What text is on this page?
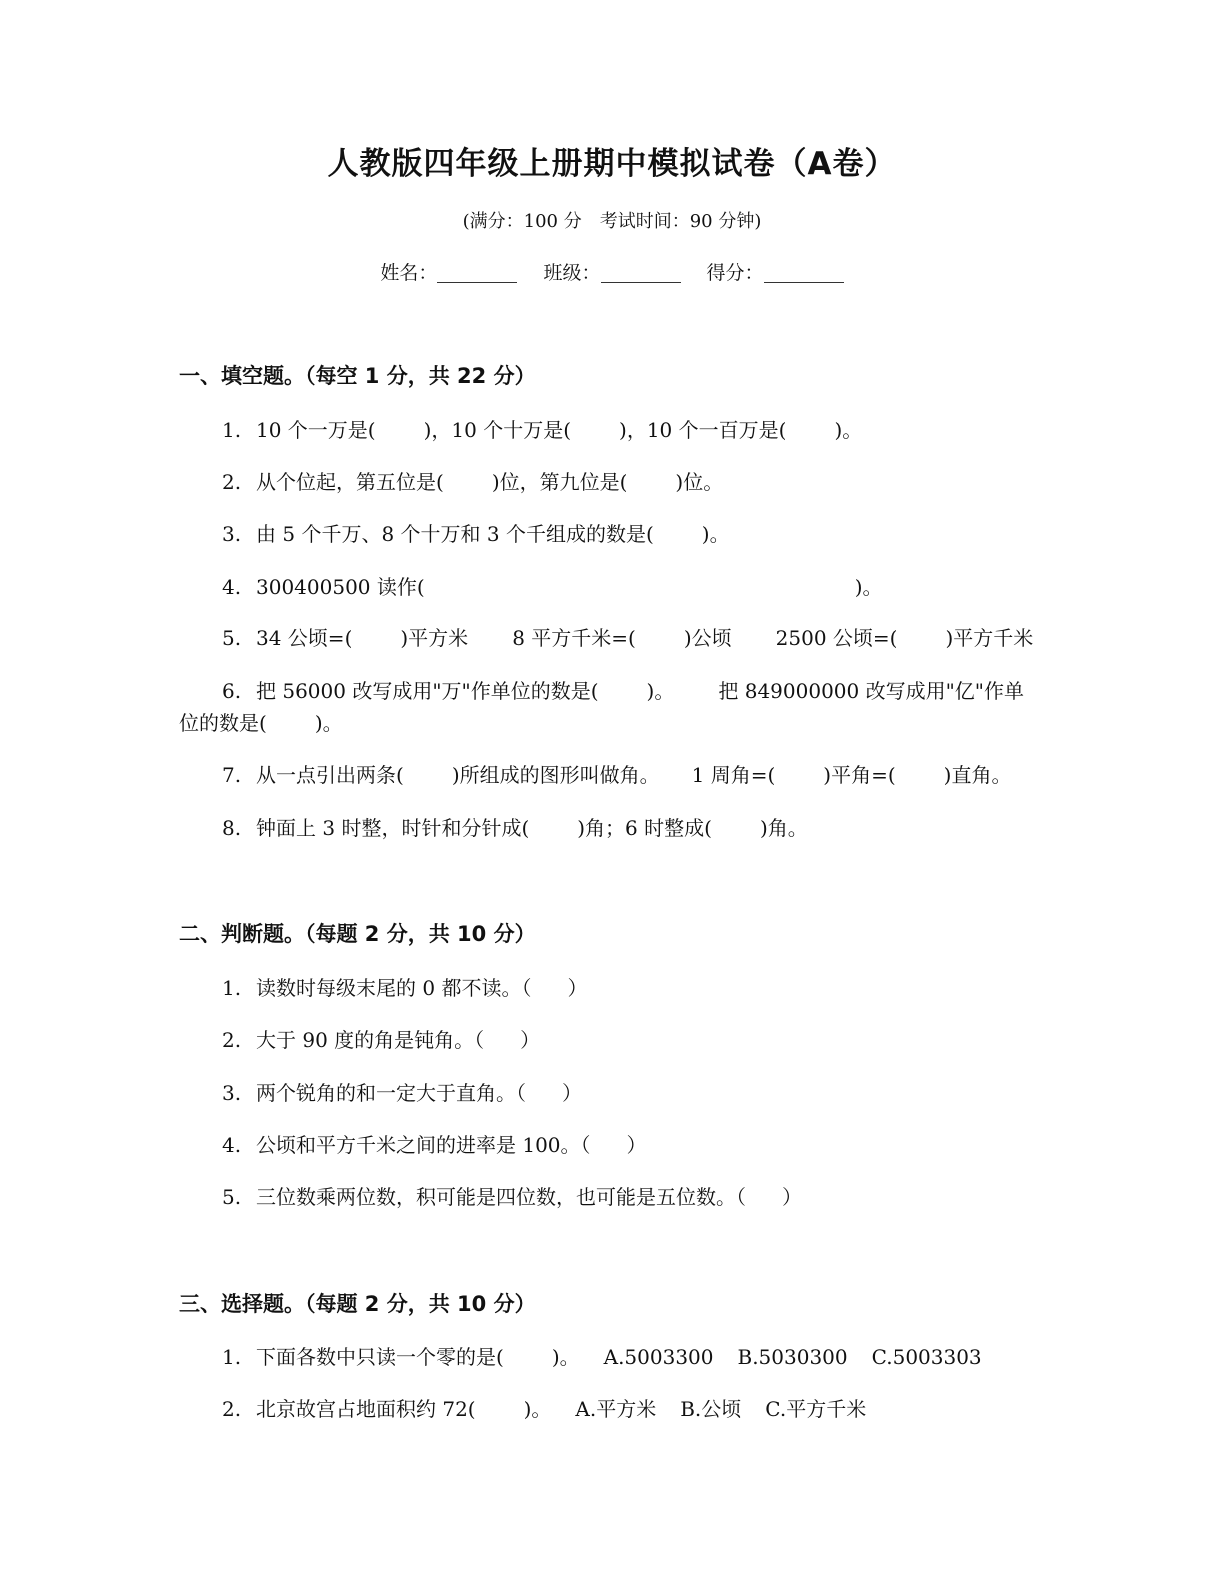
人教版四年级上册期中模拟试卷（A卷）
(满分：100 分　考试时间：90 分钟)
姓名：	班级：	得分：
一、填空题。（每空 1 分，共 22 分）
1. 10 个一万是( )，10 个十万是( )，10 个一百万是( )。
2. 从个位起，第五位是( )位，第九位是( )位。
3. 由 5 个千万、8 个十万和 3 个千组成的数是( )。
4. 300400500 读作(	)。
5. 34 公顷=( )平方米 8 平方千米=( )公顷 2500 公顷=( )平方千米
6. 把 56000 改写成用"万"作单位的数是( )。 把 849000000 改写成用"亿"作单
位的数是( )。
7. 从一点引出两条( )所组成的图形叫做角。 1 周角=( )平角=( )直角。
8. 钟面上 3 时整，时针和分针成( )角；6 时整成( )角。
二、判断题。（每题 2 分，共 10 分）
1. 读数时每级末尾的 0 都不读。（ ）
2. 大于 90 度的角是钝角。（ ）
3. 两个锐角的和一定大于直角。（ ）
4. 公顷和平方千米之间的进率是 100。（ ）
5. 三位数乘两位数，积可能是四位数，也可能是五位数。（ ）
三、选择题。（每题 2 分，共 10 分）
1. 下面各数中只读一个零的是( )。 A.5003300 B.5030300 C.5003303
2. 北京故宫占地面积约 72( )。 A.平方米 B.公顷 C.平方千米
